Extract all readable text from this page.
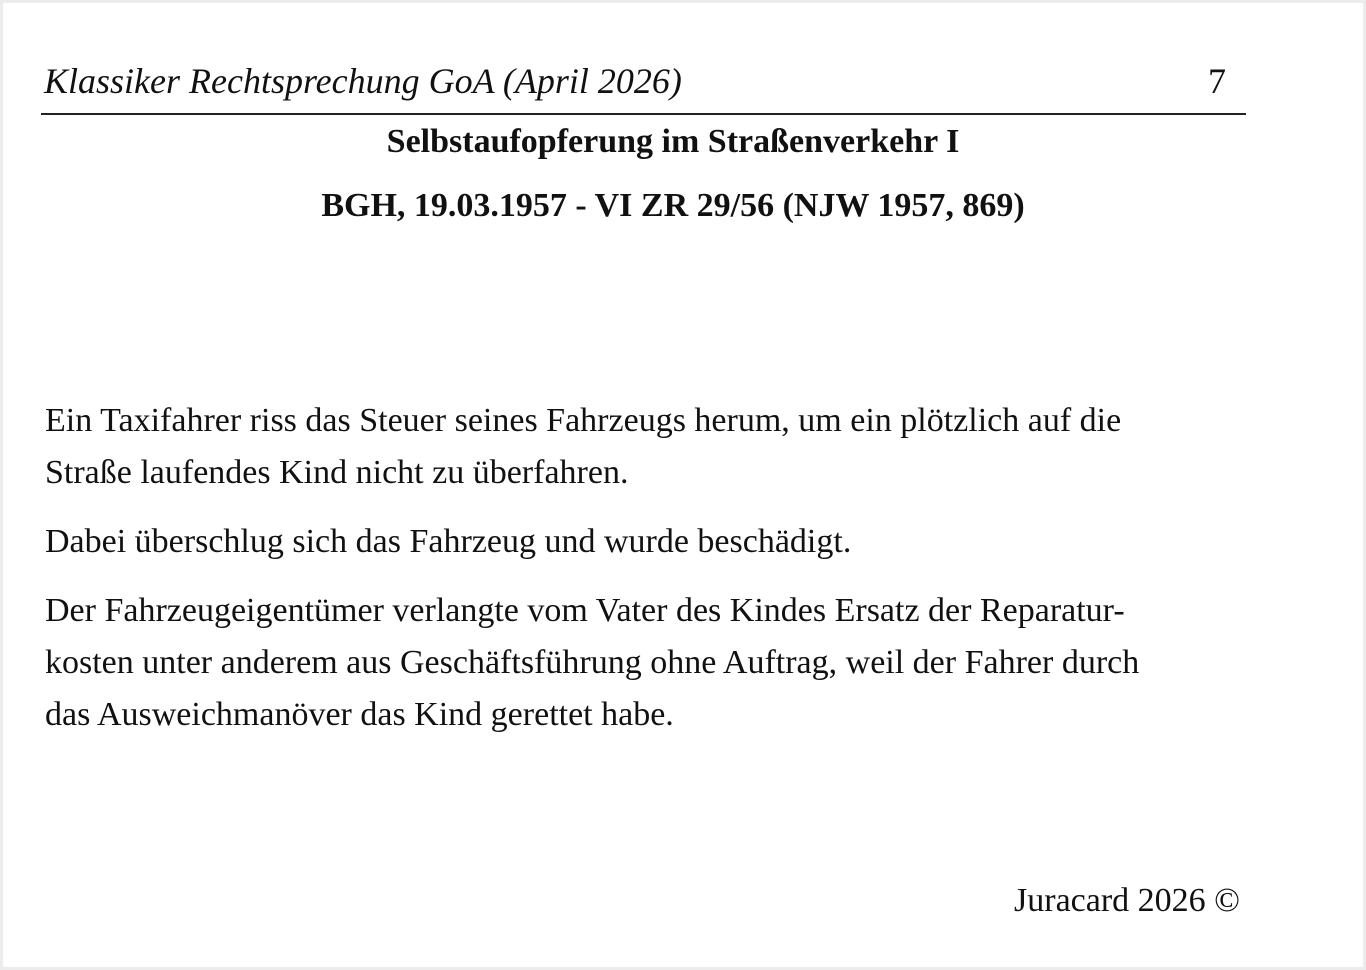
Klassiker Rechtsprechung GoA (April 2026)	7
Selbstaufopferung im Straßenverkehr I
BGH, 19.03.1957 - VI ZR 29/56 (NJW 1957, 869)

Ein Taxifahrer riss das Steuer seines Fahrzeugs herum, um ein plötzlich auf die
Straße laufendes Kind nicht zu überfahren.

Dabei überschlug sich das Fahrzeug und wurde beschädigt.

Der Fahrzeugeigentümer verlangte vom Vater des Kindes Ersatz der Reparatur-
kosten unter anderem aus Geschäftsführung ohne Auftrag, weil der Fahrer durch
das Ausweichmanöver das Kind gerettet habe.

Juracard 2026 ©
